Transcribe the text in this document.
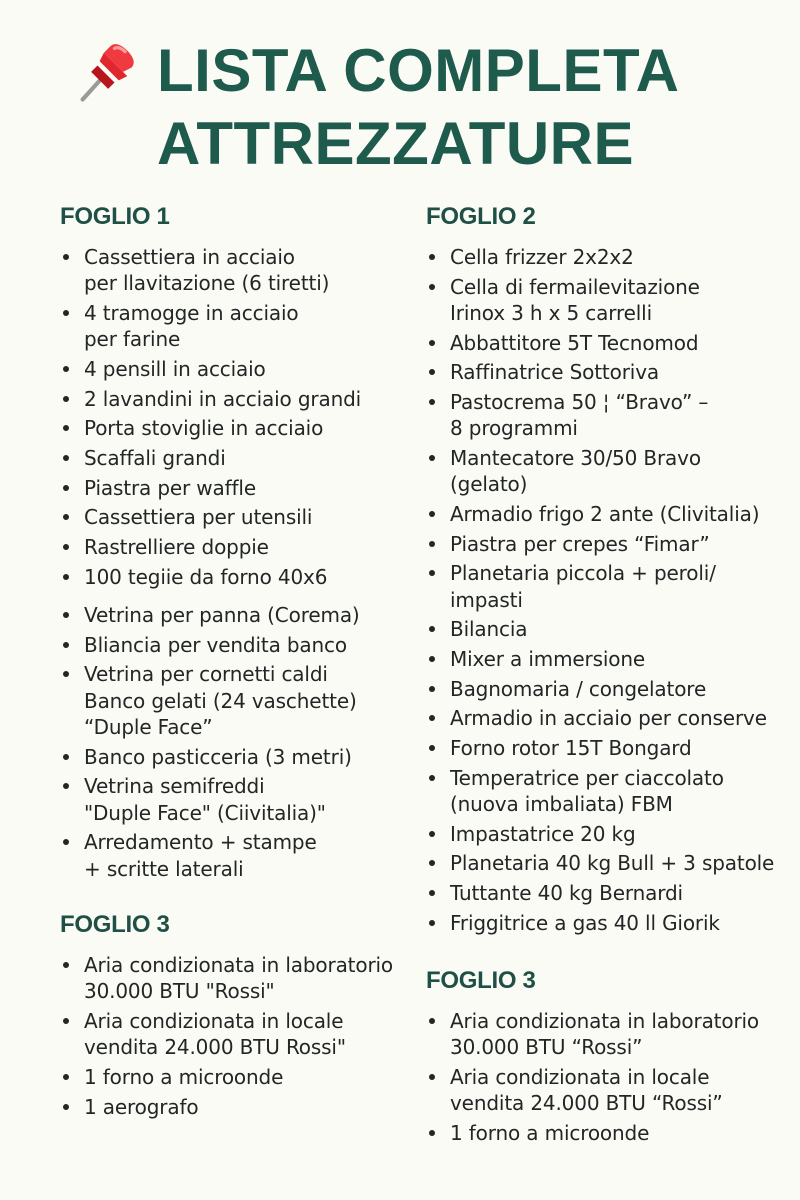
LISTA COMPLETA
ATTREZZATURE
FOGLIO 1
Cassettiera in acciaio
per llavitazione (6 tiretti)
4 tramogge in acciaio
per farine
4 pensill in acciaio
2 lavandini in acciaio grandi
Porta stoviglie in acciaio
Scaffali grandi
Piastra per waffle
Cassettiera per utensili
Rastrelliere doppie
100 tegiie da forno 40x6
Vetrina per panna (Corema)
Bliancia per vendita banco
Vetrina per cornetti caldi
Banco gelati (24 vaschette)
“Duple Face”
Banco pasticceria (3 metri)
Vetrina semifreddi
"Duple Face" (Ciivitalia)"
Arredamento + stampe
+ scritte laterali
FOGLIO 3
Aria condizionata in laboratorio
30.000 BTU "Rossi"
Aria condizionata in locale
vendita 24.000 BTU Rossi"
1 forno a microonde
1 aerografo
FOGLIO 2
Cella frizzer 2x2x2
Cella di fermailevitazione
Irinox 3 h x 5 carrelli
Abbattitore 5T Tecnomod
Raffinatrice Sottoriva
Pastocrema 50 ¦ “Bravo” –
8 programmi
Mantecatore 30/50 Bravo
(gelato)
Armadio frigo 2 ante (Clivitalia)
Piastra per crepes “Fimar”
Planetaria piccola + peroli/
impasti
Bilancia
Mixer a immersione
Bagnomaria / congelatore
Armadio in acciaio per conserve
Forno rotor 15T Bongard
Temperatrice per ciaccolato
(nuova imbaliata) FBM
Impastatrice 20 kg
Planetaria 40 kg Bull + 3 spatole
Tuttante 40 kg Bernardi
Friggitrice a gas 40 ll Giorik
FOGLIO 3
Aria condizionata in laboratorio
30.000 BTU “Rossi”
Aria condizionata in locale
vendita 24.000 BTU “Rossi”
1 forno a microonde
